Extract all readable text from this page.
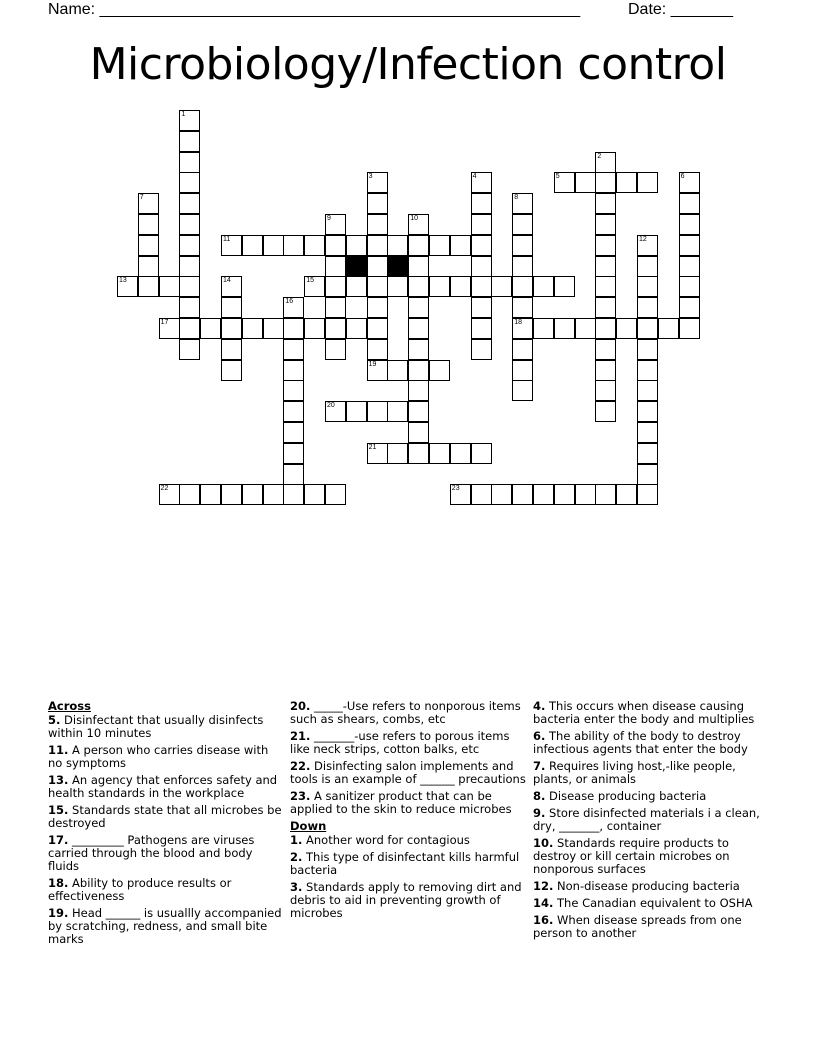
Name: ______________________________________________________	Date: _______
Microbiology/Infection control
1
2
3	4	5	6
7	8
18
9	10
11	12
13	14	15
16
17
19
20
21
22	23
Across
5. Disinfectant that usually disinfects within 10 minutes
11. A person who carries disease with no symptoms
13. An agency that enforces safety and health standards in the workplace
15. Standards state that all microbes be destroyed
17. _________ Pathogens are viruses carried through the blood and body fluids
18. Ability to produce results or effectiveness
19. Head ______ is usuallly accompanied by scratching, redness, and small bite marks
20. _____-Use refers to nonporous items such as shears, combs, etc
21. _______-use refers to porous items like neck strips, cotton balks, etc
22. Disinfecting salon implements and tools is an example of ______ precautions
23. A sanitizer product that can be applied to the skin to reduce microbes
Down
1. Another word for contagious
2. This type of disinfectant kills harmful bacteria
3. Standards apply to removing dirt and debris to aid in preventing growth of microbes
4. This occurs when disease causing bacteria enter the body and multiplies
6. The ability of the body to destroy infectious agents that enter the body
7. Requires living host,-like people, plants, or animals
8. Disease producing bacteria
9. Store disinfected materials i a clean, dry, _______, container
10. Standards require products to destroy or kill certain microbes on nonporous surfaces
12. Non-disease producing bacteria
14. The Canadian equivalent to OSHA
16. When disease spreads from one person to another
